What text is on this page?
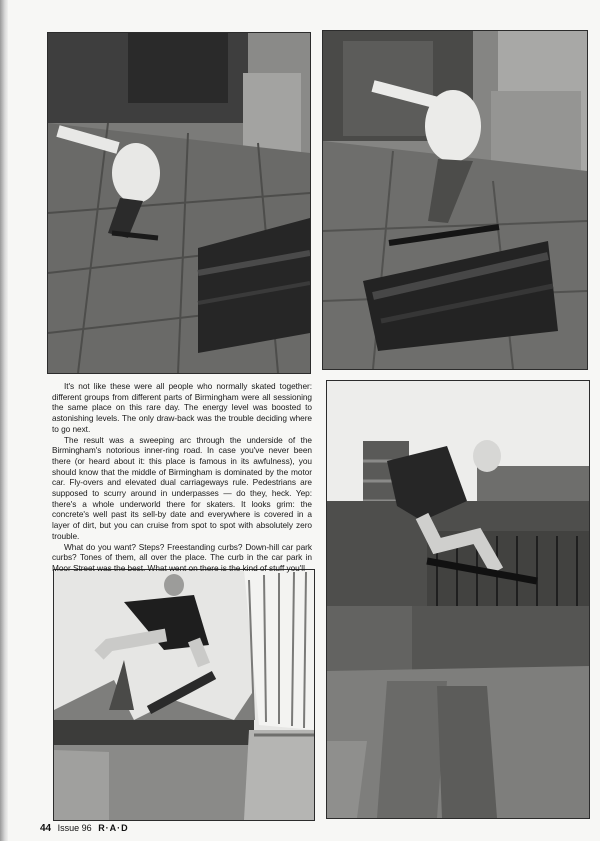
It's not like these were all people who normally skated together: different groups from different parts of Birmingham were all sessioning the same place on this rare day. The energy level was boosted to astonishing levels. The only draw-back was the trouble deciding where to go next.

The result was a sweeping arc through the underside of the Birmingham's notorious inner-ring road. In case you've never been there (or heard about it: this place is famous in its awfulness), you should know that the middle of Birmingham is dominated by the motor car. Fly-overs and elevated dual carriageways rule. Pedestrians are supposed to scurry around in underpasses — do they, heck. Yep: there's a whole underworld there for skaters. It looks grim: the concrete's well past its sell-by date and everywhere is covered in a layer of dirt, but you can cruise from spot to spot with absolutely zero trouble.

What do you want? Steps? Freestanding curbs? Down-hill car park curbs? Tones of them, all over the place. The curb in the car park in Moor Street was the best. What went on there is the kind of stuff you'll

44 Issue 96 R·A·D
